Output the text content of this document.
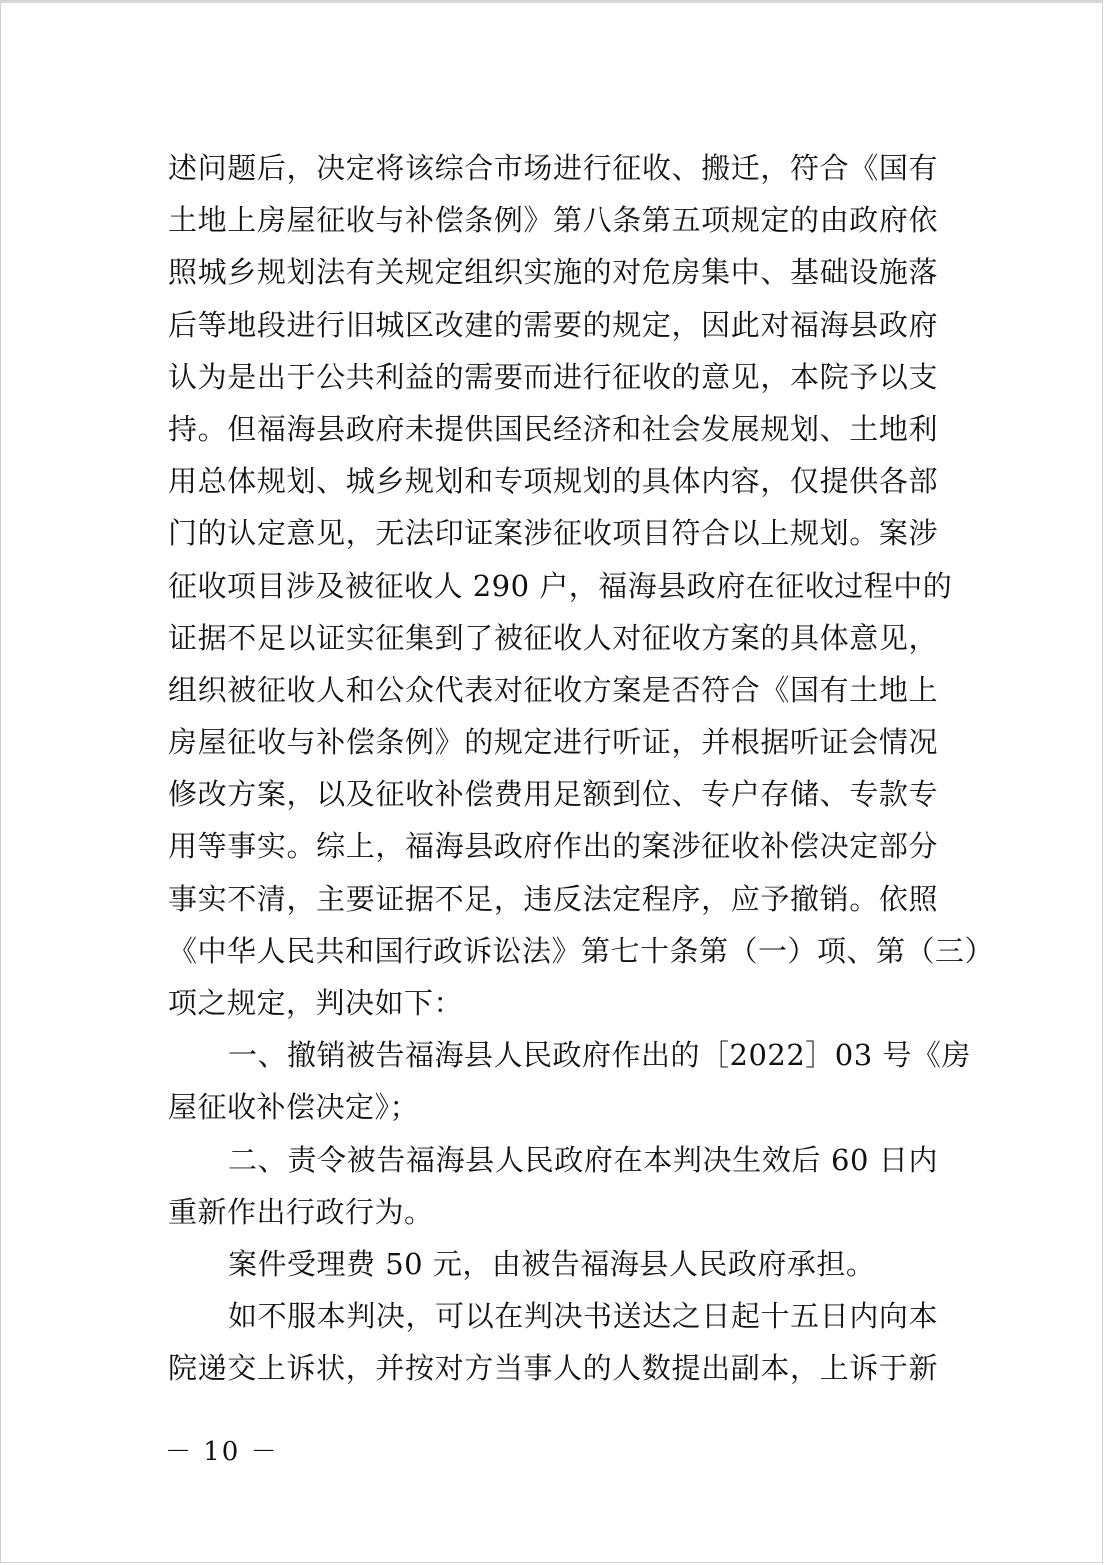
述问题后，决定将该综合市场进行征收、搬迁，符合《国有
土地上房屋征收与补偿条例》第八条第五项规定的由政府依
照城乡规划法有关规定组织实施的对危房集中、基础设施落
后等地段进行旧城区改建的需要的规定，因此对福海县政府
认为是出于公共利益的需要而进行征收的意见，本院予以支
持。但福海县政府未提供国民经济和社会发展规划、土地利
用总体规划、城乡规划和专项规划的具体内容，仅提供各部
门的认定意见，无法印证案涉征收项目符合以上规划。案涉
征收项目涉及被征收人 290 户，福海县政府在征收过程中的
证据不足以证实征集到了被征收人对征收方案的具体意见，
组织被征收人和公众代表对征收方案是否符合《国有土地上
房屋征收与补偿条例》的规定进行听证，并根据听证会情况
修改方案，以及征收补偿费用足额到位、专户存储、专款专
用等事实。综上，福海县政府作出的案涉征收补偿决定部分
事实不清，主要证据不足，违反法定程序，应予撤销。依照
《中华人民共和国行政诉讼法》第七十条第（一）项、第（三）
项之规定，判决如下：
一、撤销被告福海县人民政府作出的［2022］03 号《房
屋征收补偿决定》；
二、责令被告福海县人民政府在本判决生效后 60 日内
重新作出行政行为。
案件受理费 50 元，由被告福海县人民政府承担。
如不服本判决，可以在判决书送达之日起十五日内向本
院递交上诉状，并按对方当事人的人数提出副本，上诉于新
－ 10 －
